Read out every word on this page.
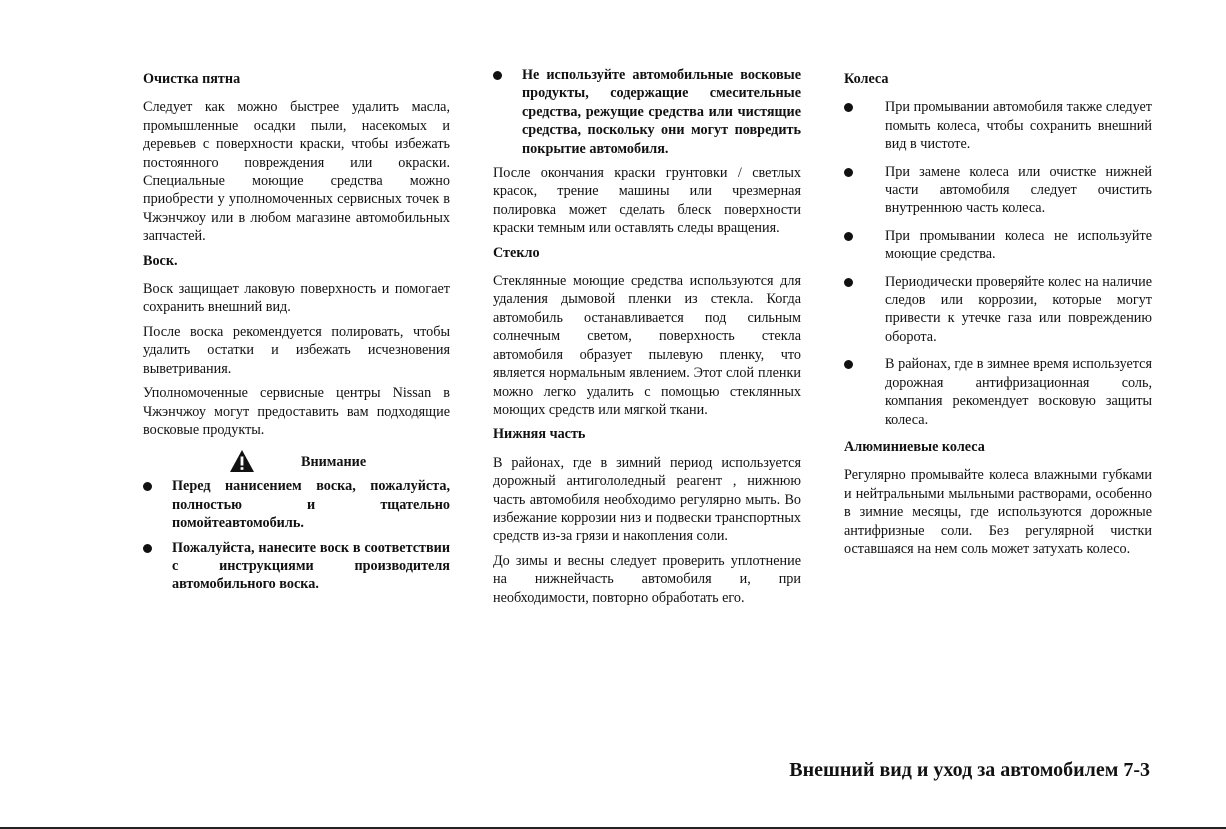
Очистка пятна
Следует как можно быстрее удалить масла, промышленные осадки пыли, насекомых и деревьев с поверхности краски, чтобы избежать постоянного повреждения или окраски. Специальные моющие средства можно приобрести у уполномоченных сервисных точек в Чжэнчжоу или в любом магазине автомобильных запчастей.
Воск.
Воск защищает лаковую поверхность и помогает сохранить внешний вид.
После воска рекомендуется полировать, чтобы удалить остатки и избежать исчезновения выветривания.
Уполномоченные сервисные центры Nissan в Чжэнчжоу могут предоставить вам подходящие восковые продукты.
Внимание
Перед нанисением воска, пожалуйста, полностью и тщательно помойтеавтомобиль.
Пожалуйста, нанесите воск в соответствии с инструкциями производителя автомобильного воска.
Не используйте автомобильные восковые продукты, содержащие смесительные средства, режущие средства или чистящие средства, поскольку они могут повредить покрытие автомобиля.
После окончания краски грунтовки / светлых красок, трение машины или чрезмерная полировка может сделать блеск поверхности краски темным или оставлять следы вращения.
Стекло
Стеклянные моющие средства используются для удаления дымовой пленки из стекла. Когда автомобиль останавливается под сильным солнечным светом, поверхность стекла автомобиля образует пылевую пленку, что является нормальным явлением. Этот слой пленки можно легко удалить с помощью стеклянных моющих средств или мягкой ткани.
Нижняя часть
В районах, где в зимний период используется дорожный антигололедный реагент , нижнюю часть автомобиля необходимо регулярно мыть. Во избежание коррозии низ и подвески транспортных средств из-за грязи и накопления соли.
До зимы и весны следует проверить уплотнение на нижнейчасть автомобиля и, при необходимости, повторно обработать его.
Колеса
При промывании автомобиля также следует помыть колеса, чтобы сохранить внешний вид в чистоте.
При замене колеса или очистке нижней части автомобиля следует очистить внутреннюю часть колеса.
При промывании колеса не используйте моющие средства.
Периодически проверяйте колес на наличие следов или коррозии, которые могут привести к утечке газа или повреждению оборота.
В районах, где в зимнее время используется дорожная антифризационная соль, компания рекомендует восковую защиты колеса.
Алюминиевые колеса
Регулярно промывайте колеса влажными губками и нейтральными мыльными растворами, особенно в зимние месяцы, где используются дорожные антифризные соли. Без регулярной чистки оставшаяся на нем соль может затухать колесо.
Внешний вид и уход за автомобилем 7-3
